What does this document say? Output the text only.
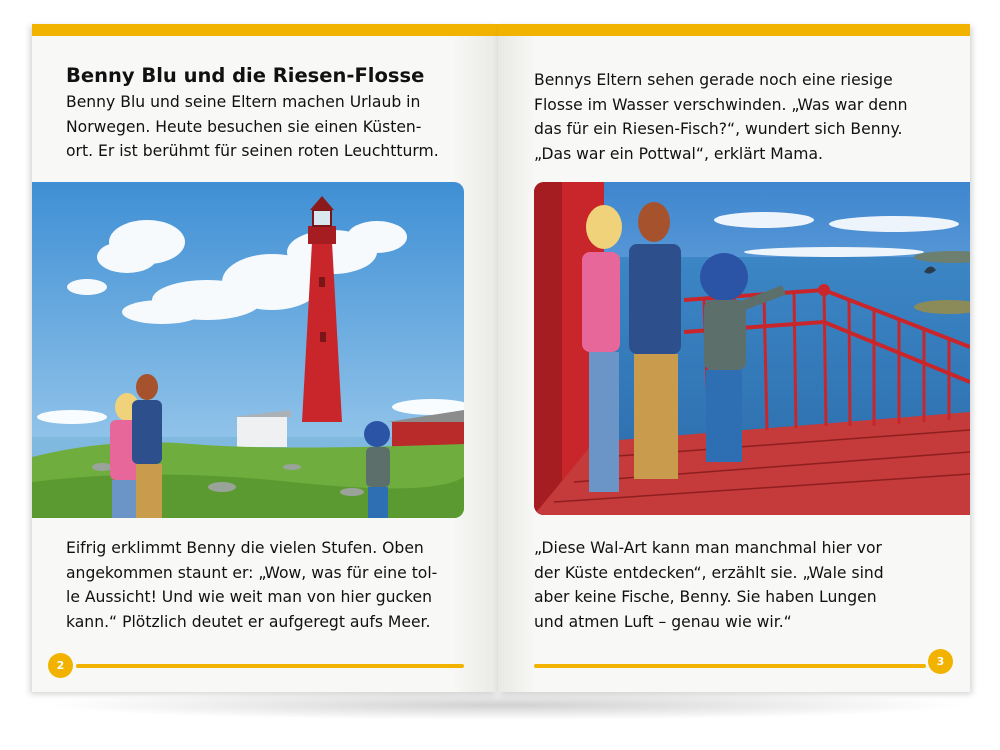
Benny Blu und die Riesen-Flosse
Benny Blu und seine Eltern machen Urlaub in
Norwegen. Heute besuchen sie einen Küsten-
ort. Er ist berühmt für seinen roten Leuchtturm.
Eifrig erklimmt Benny die vielen Stufen. Oben
angekommen staunt er: „Wow, was für eine tol-
le Aussicht! Und wie weit man von hier gucken
kann.“ Plötzlich deutet er aufgeregt aufs Meer.
2
Bennys Eltern sehen gerade noch eine riesige
Flosse im Wasser verschwinden. „Was war denn
das für ein Riesen-Fisch?“, wundert sich Benny.
„Das war ein Pottwal“, erklärt Mama.
„Diese Wal-Art kann man manchmal hier vor
der Küste entdecken“, erzählt sie. „Wale sind
aber keine Fische, Benny. Sie haben Lungen
und atmen Luft – genau wie wir.“
3
